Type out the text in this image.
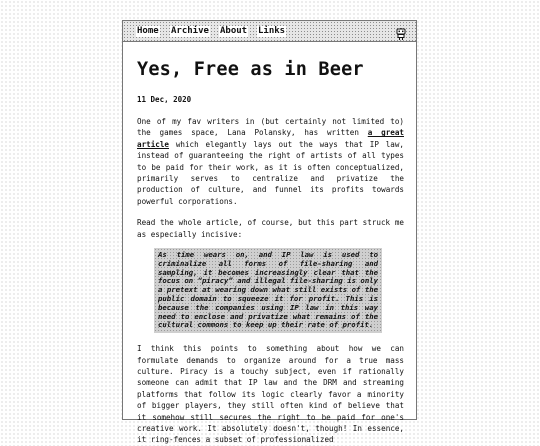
Home Archive About Links
Yes, Free as in Beer
11 Dec, 2020

One of my fav writers in (but certainly not limited to) the games space, Lana Polansky, has written a great article which elegantly lays out the ways that IP law, instead of guaranteeing the right of artists of all types to be paid for their work, as it is often conceptualized, primarily serves to centralize and privatize the production of culture, and funnel its profits towards powerful corporations.

Read the whole article, of course, but this part struck me as especially incisive:

As time wears on, and IP law is used to criminalize all forms of file-sharing and sampling, it becomes increasingly clear that the focus on “piracy” and illegal file-sharing is only a pretext at wearing down what still exists of the public domain to squeeze it for profit. This is because the companies using IP law in this way need to enclose and privatize what remains of the cultural commons to keep up their rate of profit.

I think this points to something about how we can formulate demands to organize around for a true mass culture. Piracy is a touchy subject, even if rationally someone can admit that IP law and the DRM and streaming platforms that follow its logic clearly favor a minority of bigger players, they still often kind of believe that it somehow still secures the right to be paid for one's creative work. It absolutely doesn't, though! In essence, it ring-fences a subset of professionalized
